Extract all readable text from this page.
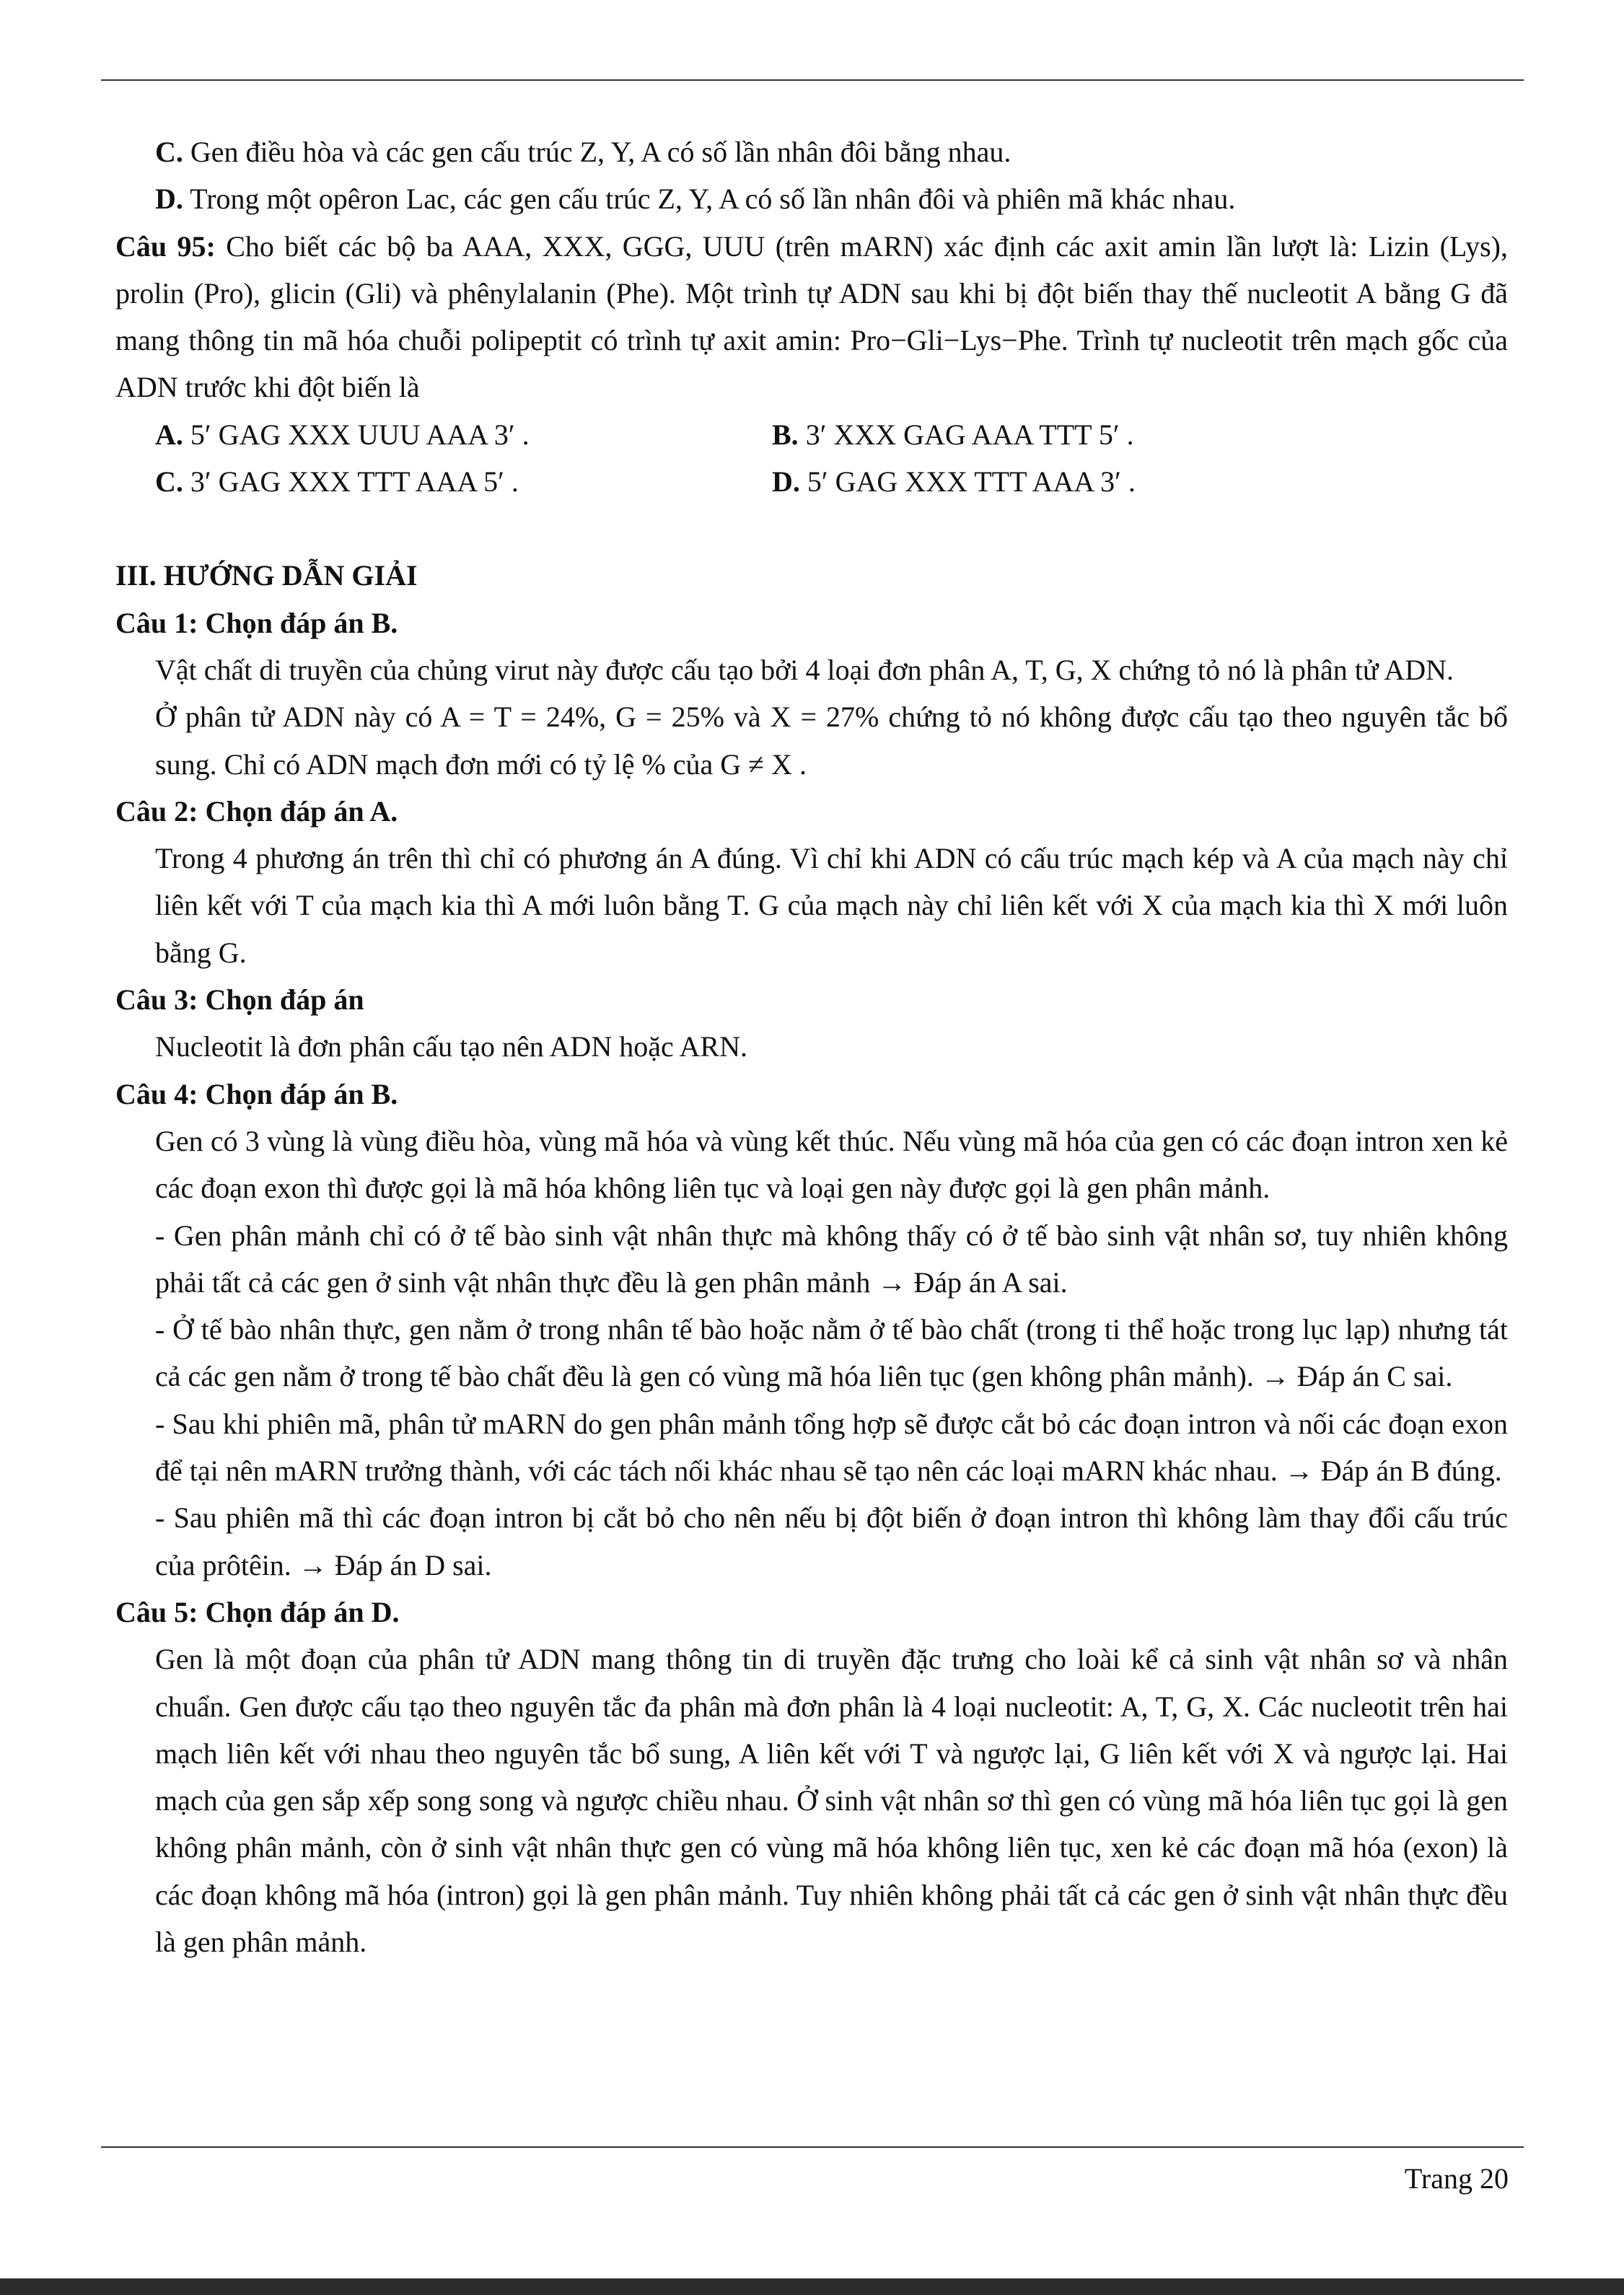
C. Gen điều hòa và các gen cấu trúc Z, Y, A có số lần nhân đôi bằng nhau.

D. Trong một opêron Lac, các gen cấu trúc Z, Y, A có số lần nhân đôi và phiên mã khác nhau.

Câu 95: Cho biết các bộ ba AAA, XXX, GGG, UUU (trên mARN) xác định các axit amin lần lượt là: Lizin (Lys), prolin (Pro), glicin (Gli) và phênylalanin (Phe). Một trình tự ADN sau khi bị đột biến thay thế nucleotit A bằng G đã mang thông tin mã hóa chuỗi polipeptit có trình tự axit amin: Pro−Gli−Lys−Phe. Trình tự nucleotit trên mạch gốc của ADN trước khi đột biến là

A. 5′ GAG XXX UUU AAA 3′ .	B. 3′ XXX GAG AAA TTT 5′ .
C. 3′ GAG XXX TTT AAA 5′ .	D. 5′ GAG XXX TTT AAA 3′ .

III. HƯỚNG DẪN GIẢI

Câu 1: Chọn đáp án B.

Vật chất di truyền của chủng virut này được cấu tạo bởi 4 loại đơn phân A, T, G, X chứng tỏ nó là phân tử ADN.

Ở phân tử ADN này có A = T = 24%, G = 25% và X = 27% chứng tỏ nó không được cấu tạo theo nguyên tắc bổ sung. Chỉ có ADN mạch đơn mới có tỷ lệ % của G ≠ X .

Câu 2: Chọn đáp án A.

Trong 4 phương án trên thì chỉ có phương án A đúng. Vì chỉ khi ADN có cấu trúc mạch kép và A của mạch này chỉ liên kết với T của mạch kia thì A mới luôn bằng T. G của mạch này chỉ liên kết với X của mạch kia thì X mới luôn bằng G.

Câu 3: Chọn đáp án

Nucleotit là đơn phân cấu tạo nên ADN hoặc ARN.

Câu 4: Chọn đáp án B.

Gen có 3 vùng là vùng điều hòa, vùng mã hóa và vùng kết thúc. Nếu vùng mã hóa của gen có các đoạn intron xen kẻ các đoạn exon thì được gọi là mã hóa không liên tục và loại gen này được gọi là gen phân mảnh.

- Gen phân mảnh chỉ có ở tế bào sinh vật nhân thực mà không thấy có ở tế bào sinh vật nhân sơ, tuy nhiên không phải tất cả các gen ở sinh vật nhân thực đều là gen phân mảnh → Đáp án A sai.

- Ở tế bào nhân thực, gen nằm ở trong nhân tế bào hoặc nằm ở tế bào chất (trong ti thể hoặc trong lục lạp) nhưng tát cả các gen nằm ở trong tế bào chất đều là gen có vùng mã hóa liên tục (gen không phân mảnh). → Đáp án C sai.

- Sau khi phiên mã, phân tử mARN do gen phân mảnh tổng hợp sẽ được cắt bỏ các đoạn intron và nối các đoạn exon để tại nên mARN trưởng thành, với các tách nối khác nhau sẽ tạo nên các loại mARN khác nhau. → Đáp án B đúng.

- Sau phiên mã thì các đoạn intron bị cắt bỏ cho nên nếu bị đột biến ở đoạn intron thì không làm thay đổi cấu trúc của prôtêin. → Đáp án D sai.

Câu 5: Chọn đáp án D.

Gen là một đoạn của phân tử ADN mang thông tin di truyền đặc trưng cho loài kể cả sinh vật nhân sơ và nhân chuẩn. Gen được cấu tạo theo nguyên tắc đa phân mà đơn phân là 4 loại nucleotit: A, T, G, X. Các nucleotit trên hai mạch liên kết với nhau theo nguyên tắc bổ sung, A liên kết với T và ngược lại, G liên kết với X và ngược lại. Hai mạch của gen sắp xếp song song và ngược chiều nhau. Ở sinh vật nhân sơ thì gen có vùng mã hóa liên tục gọi là gen không phân mảnh, còn ở sinh vật nhân thực gen có vùng mã hóa không liên tục, xen kẻ các đoạn mã hóa (exon) là các đoạn không mã hóa (intron) gọi là gen phân mảnh. Tuy nhiên không phải tất cả các gen ở sinh vật nhân thực đều là gen phân mảnh.

Trang 20
